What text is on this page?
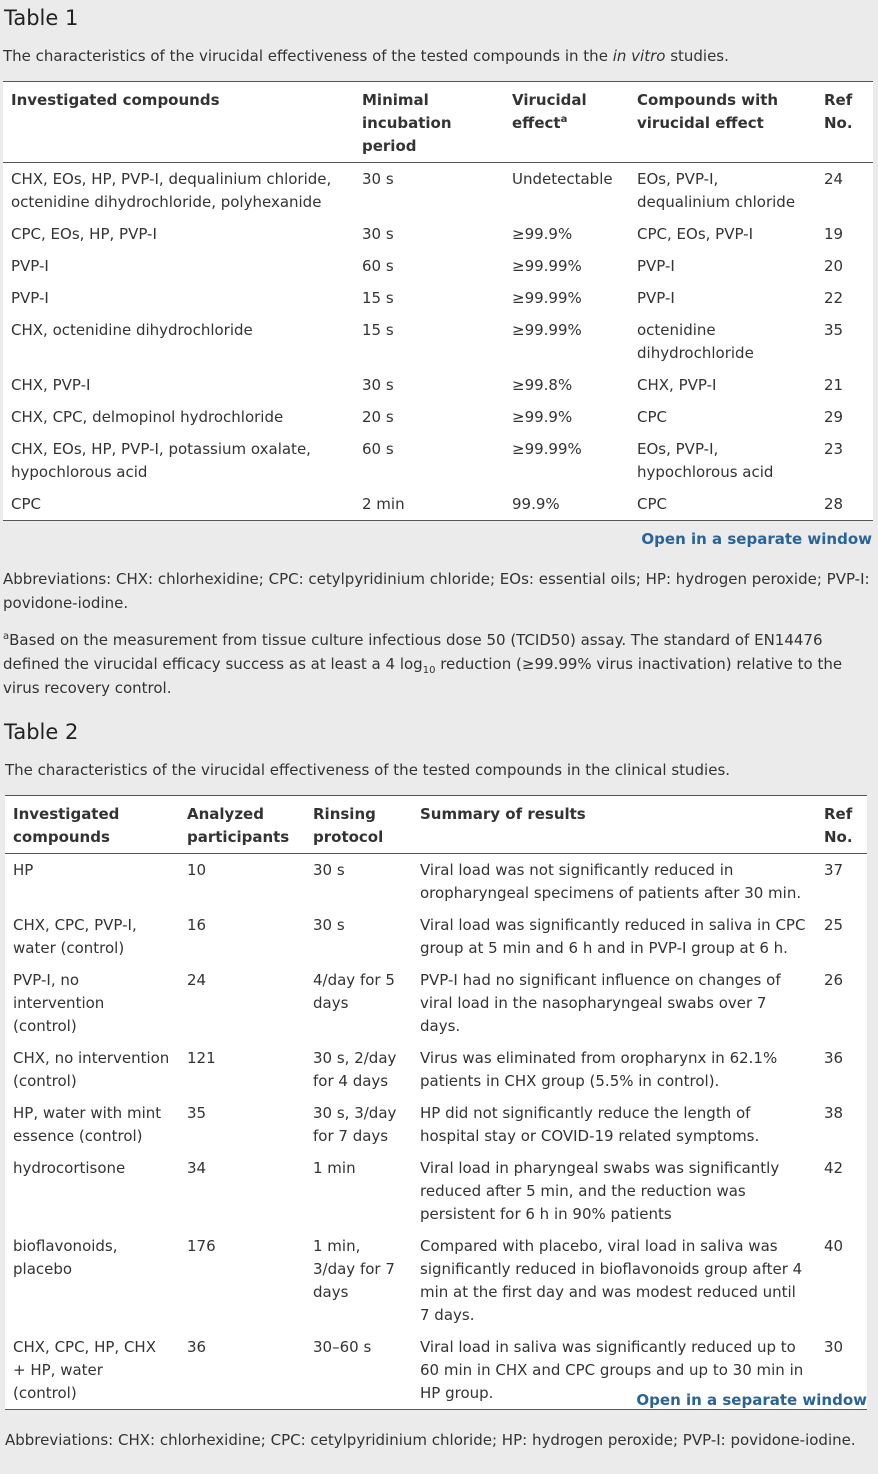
Table 1
The characteristics of the virucidal effectiveness of the tested compounds in the in vitro studies.
Investigated compounds	Minimal incubation period	Virucidal effect$^a$	Compounds with virucidal effect	Ref No.
CHX, EOs, HP, PVP-I, dequalinium chloride, octenidine dihydrochloride, polyhexanide	30 s	Undetectable	EOs, PVP-I, dequalinium chloride	24
CPC, EOs, HP, PVP-I	30 s	≥99.9%	CPC, EOs, PVP-I	19
PVP-I	60 s	≥99.99%	PVP-I	20
PVP-I	15 s	≥99.99%	PVP-I	22
CHX, octenidine dihydrochloride	15 s	≥99.99%	octenidine dihydrochloride	35
CHX, PVP-I	30 s	≥99.8%	CHX, PVP-I	21
CHX, CPC, delmopinol hydrochloride	20 s	≥99.9%	CPC	29
CHX, EOs, HP, PVP-I, potassium oxalate, hypochlorous acid	60 s	≥99.99%	EOs, PVP-I, hypochlorous acid	23
CPC	2 min	99.9%	CPC	28
Open in a separate window

Abbreviations: CHX: chlorhexidine; CPC: cetylpyridinium chloride; EOs: essential oils; HP: hydrogen peroxide; PVP-I: povidone-iodine.

$^a$Based on the measurement from tissue culture infectious dose 50 (TCID50) assay. The standard of EN14476 defined the virucidal efficacy success as at least a 4 $\log_{10}$ reduction (≥99.99% virus inactivation) relative to the virus recovery control.

Table 2
The characteristics of the virucidal effectiveness of the tested compounds in the clinical studies.
Investigated compounds	Analyzed participants	Rinsing protocol	Summary of results	Ref No.
HP	10	30 s	Viral load was not significantly reduced in oropharyngeal specimens of patients after 30 min.	37
CHX, CPC, PVP-I, water (control)	16	30 s	Viral load was significantly reduced in saliva in CPC group at 5 min and 6 h and in PVP-I group at 6 h.	25
PVP-I, no intervention (control)	24	4/day for 5 days	PVP-I had no significant influence on changes of viral load in the nasopharyngeal swabs over 7 days.	26
CHX, no intervention (control)	121	30 s, 2/day for 4 days	Virus was eliminated from oropharynx in 62.1% patients in CHX group (5.5% in control).	36
HP, water with mint essence (control)	35	30 s, 3/day for 7 days	HP did not significantly reduce the length of hospital stay or COVID-19 related symptoms.	38
hydrocortisone	34	1 min	Viral load in pharyngeal swabs was significantly reduced after 5 min, and the reduction was persistent for 6 h in 90% patients	42
bioflavonoids, placebo	176	1 min, 3/day for 7 days	Compared with placebo, viral load in saliva was significantly reduced in bioflavonoids group after 4 min at the first day and was modest reduced until 7 days.	40
CHX, CPC, HP, CHX + HP, water (control)	36	30–60 s	Viral load in saliva was significantly reduced up to 60 min in CHX and CPC groups and up to 30 min in HP group.	30
Open in a separate window

Abbreviations: CHX: chlorhexidine; CPC: cetylpyridinium chloride; HP: hydrogen peroxide; PVP-I: povidone-iodine.
